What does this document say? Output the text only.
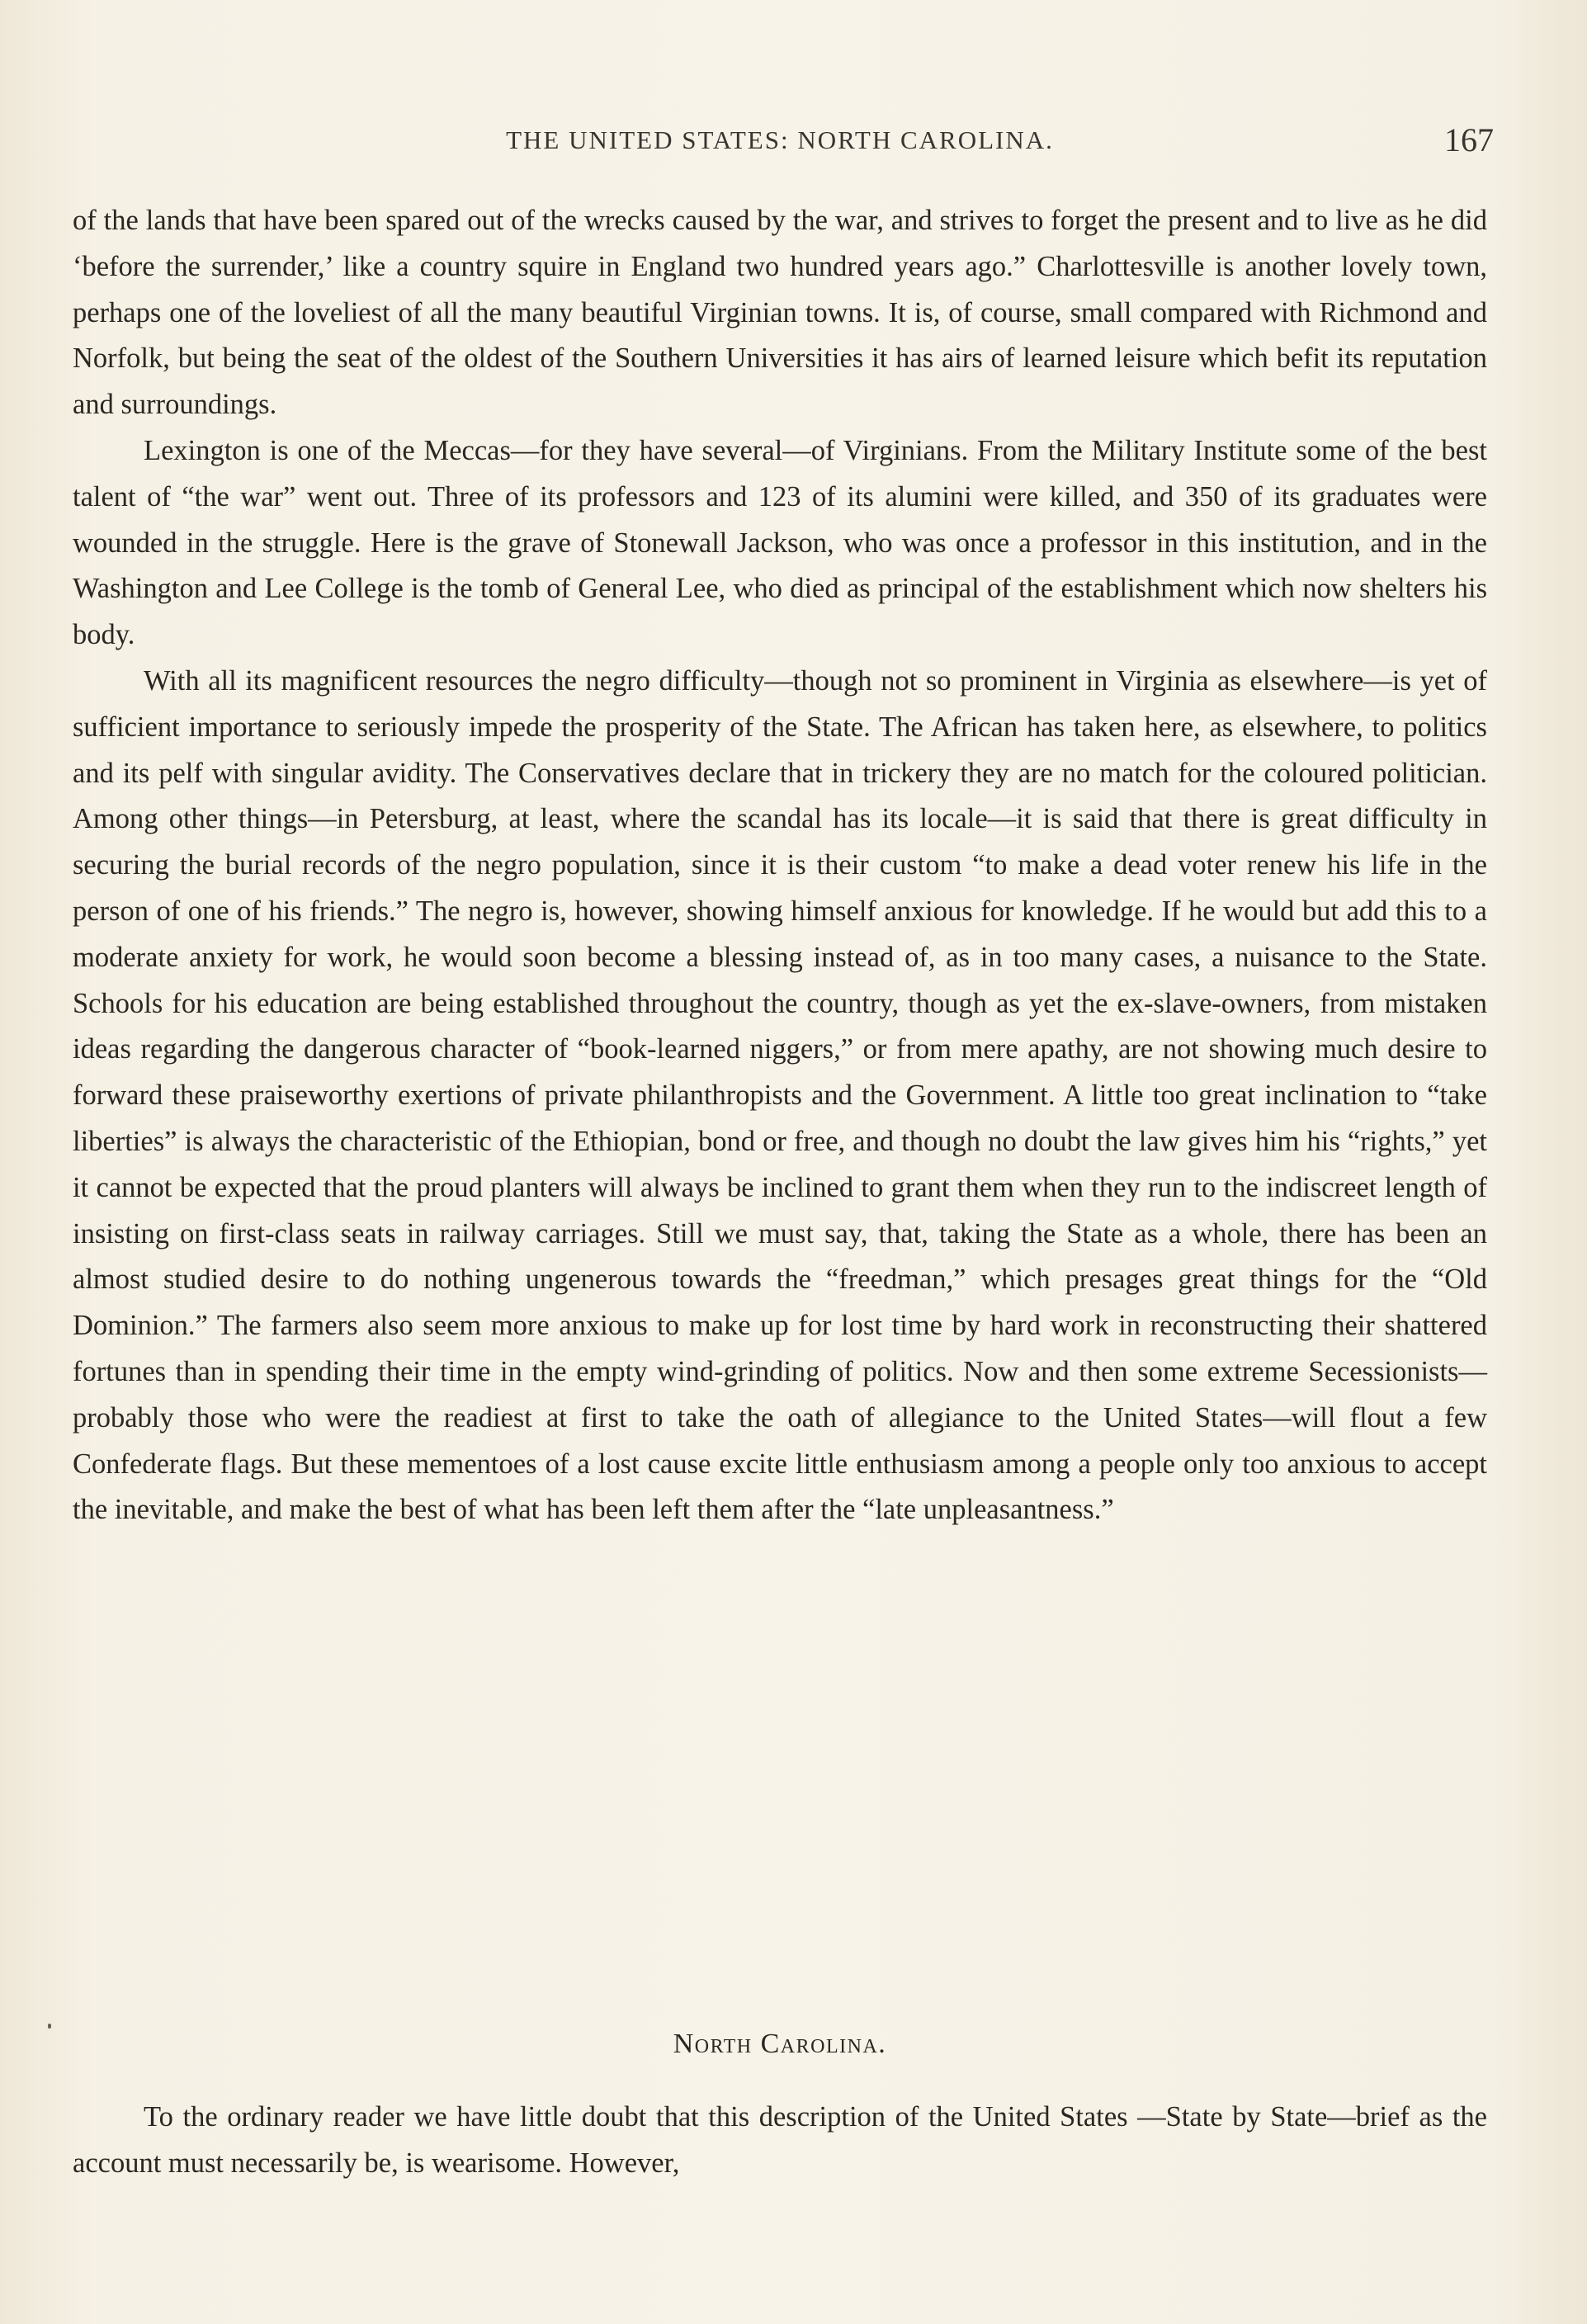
THE UNITED STATES: NORTH CAROLINA.	167

of the lands that have been spared out of the wrecks caused by the war, and strives to forget the present and to live as he did ‘before the surrender,’ like a country squire in England two hundred years ago.” Charlottesville is another lovely town, perhaps one of the loveliest of all the many beautiful Virginian towns. It is, of course, small compared with Richmond and Norfolk, but being the seat of the oldest of the Southern Universities it has airs of learned leisure which befit its reputation and surroundings.

Lexington is one of the Meccas—for they have several—of Virginians. From the Military Institute some of the best talent of “the war” went out. Three of its professors and 123 of its alumini were killed, and 350 of its graduates were wounded in the struggle. Here is the grave of Stonewall Jackson, who was once a professor in this institution, and in the Washington and Lee College is the tomb of General Lee, who died as principal of the establishment which now shelters his body.

With all its magnificent resources the negro difficulty—though not so prominent in Virginia as elsewhere—is yet of sufficient importance to seriously impede the prosperity of the State. The African has taken here, as elsewhere, to politics and its pelf with singular avidity. The Conservatives declare that in trickery they are no match for the coloured politician. Among other things—in Petersburg, at least, where the scandal has its locale—it is said that there is great difficulty in securing the burial records of the negro population, since it is their custom “to make a dead voter renew his life in the person of one of his friends.” The negro is, however, showing himself anxious for knowledge. If he would but add this to a moderate anxiety for work, he would soon become a blessing instead of, as in too many cases, a nuisance to the State. Schools for his education are being established throughout the country, though as yet the ex-slave-owners, from mistaken ideas regarding the dangerous character of “book-learned niggers,” or from mere apathy, are not showing much desire to forward these praiseworthy exertions of private philanthropists and the Government. A little too great inclination to “take liberties” is always the characteristic of the Ethiopian, bond or free, and though no doubt the law gives him his “rights,” yet it cannot be expected that the proud planters will always be inclined to grant them when they run to the indiscreet length of insisting on first-class seats in railway carriages. Still we must say, that, taking the State as a whole, there has been an almost studied desire to do nothing ungenerous towards the “freedman,” which presages great things for the “Old Dominion.” The farmers also seem more anxious to make up for lost time by hard work in reconstructing their shattered fortunes than in spending their time in the empty wind-grinding of politics. Now and then some extreme Secessionists—probably those who were the readiest at first to take the oath of allegiance to the United States—will flout a few Confederate flags. But these mementoes of a lost cause excite little enthusiasm among a people only too anxious to accept the inevitable, and make the best of what has been left them after the “late unpleasantness.”

North Carolina.

To the ordinary reader we have little doubt that this description of the United States —State by State—brief as the account must necessarily be, is wearisome. However,
